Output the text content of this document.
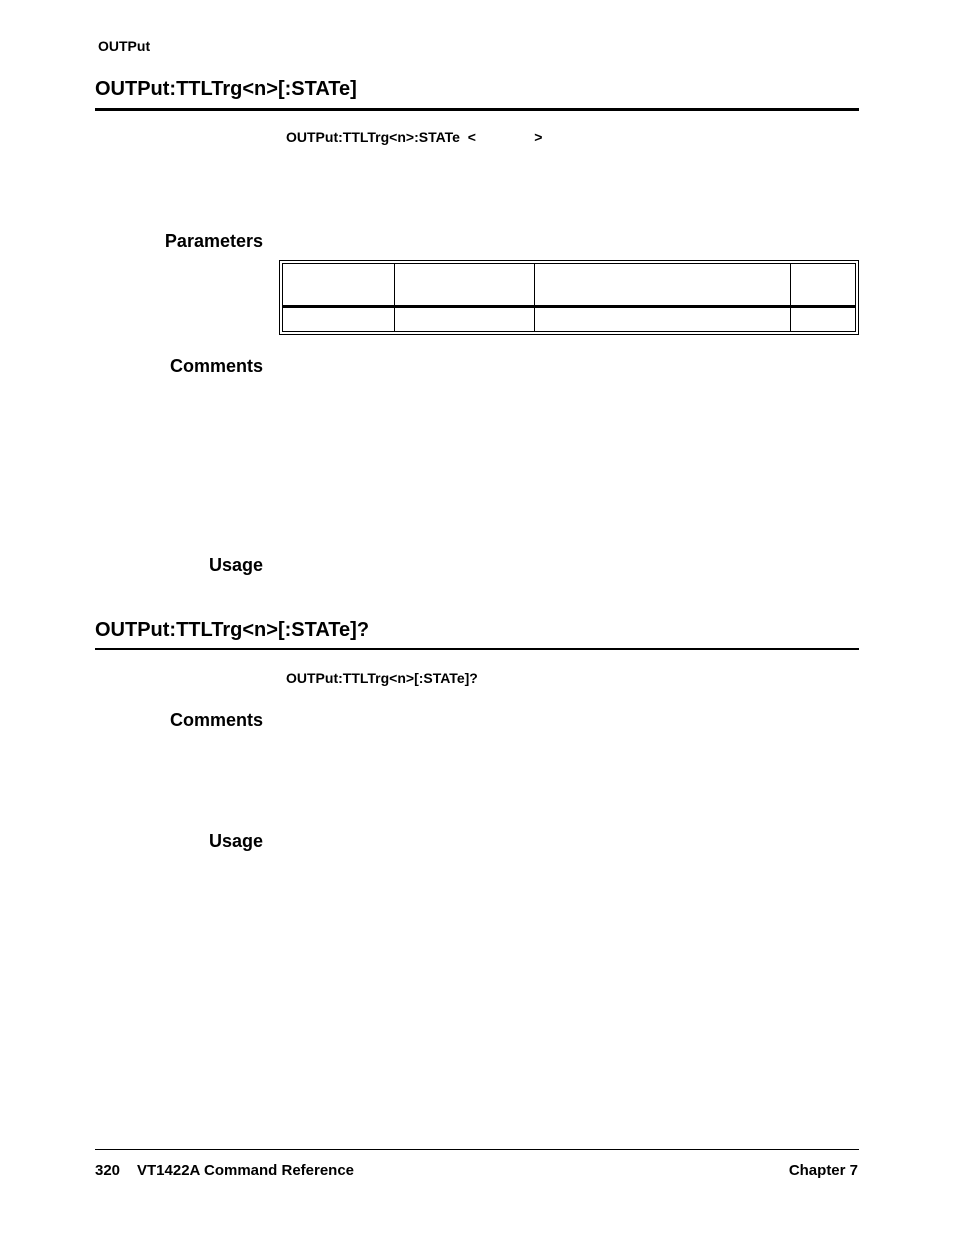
OUTPut
OUTPut:TTLTrg<n>[:STATe]
OUTPut:TTLTrg<n>:STATe  <               >
Parameters

Comments
Usage
OUTPut:TTLTrg<n>[:STATe]?
OUTPut:TTLTrg<n>[:STATe]?
Comments
Usage
320 VT1422A Command Reference	Chapter 7
